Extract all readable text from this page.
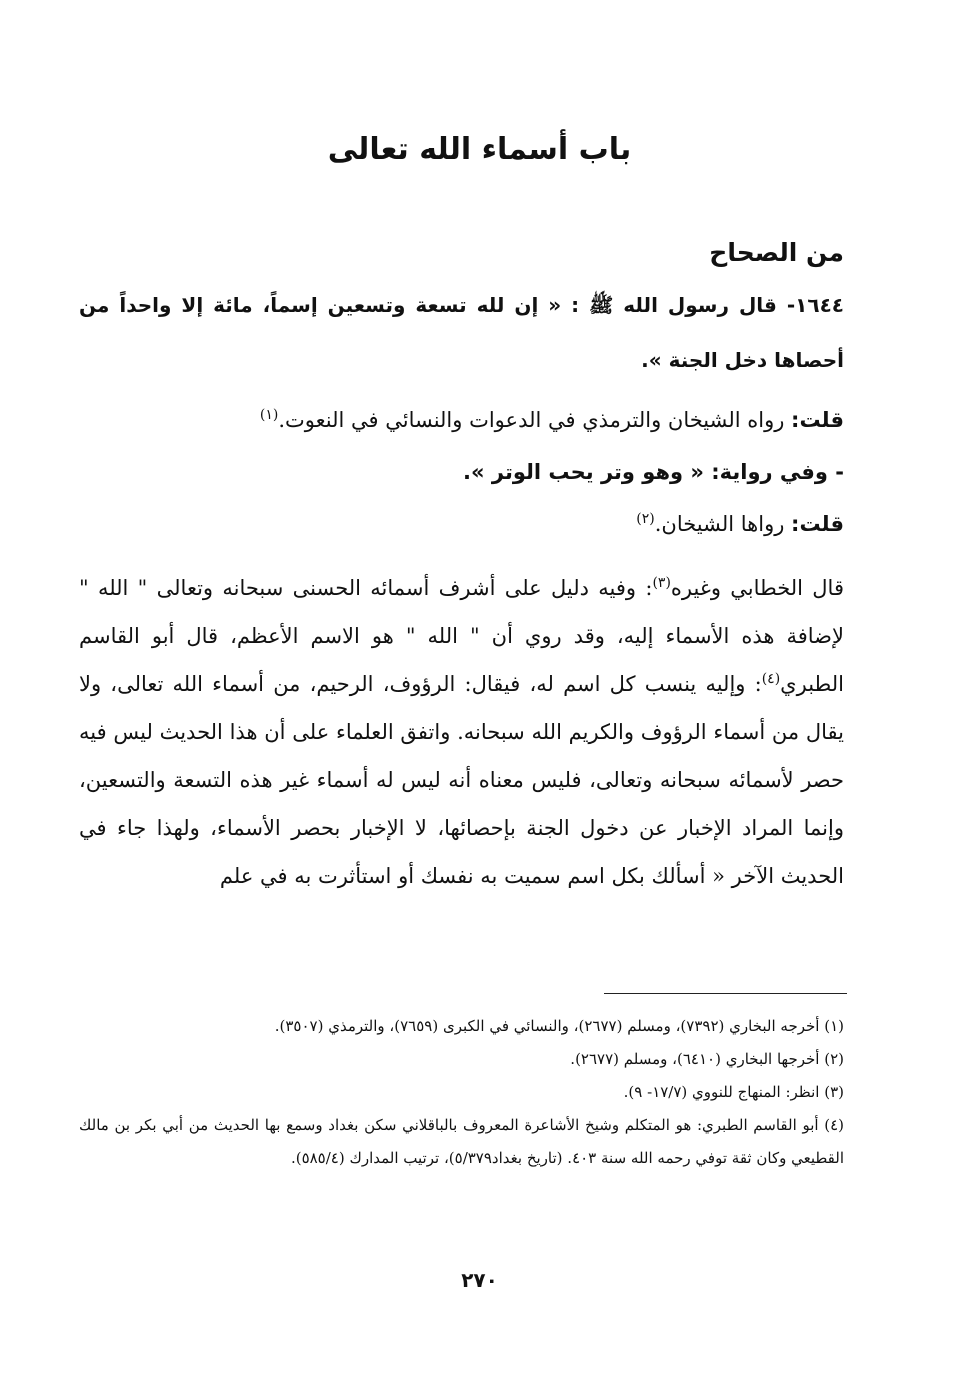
باب أسماء الله تعالى

من الصحاح

١٦٤٤- قال رسول الله ﷺ : « إن لله تسعة وتسعين إسماً، مائة إلا واحداً من أحصاها دخل الجنة ».

قلت: رواه الشيخان والترمذي في الدعوات والنسائي في النعوت.$^{(١)}$

- وفي رواية: « وهو وتر يحب الوتر ».

قلت: رواها الشيخان.$^{(٢)}$

قال الخطابي وغيره$^{(٣)}$: وفيه دليل على أشرف أسمائه الحسنى سبحانه وتعالى " الله " لإضافة هذه الأسماء إليه، وقد روي أن " الله " هو الاسم الأعظم، قال أبو القاسم الطبري$^{(٤)}$: وإليه ينسب كل اسم له، فيقال: الرؤوف، الرحيم، من أسماء الله تعالى، ولا يقال من أسماء الرؤوف والكريم الله سبحانه. واتفق العلماء على أن هذا الحديث ليس فيه حصر لأسمائه سبحانه وتعالى، فليس معناه أنه ليس له أسماء غير هذه التسعة والتسعين، وإنما المراد الإخبار عن دخول الجنة بإحصائها، لا الإخبار بحصر الأسماء، ولهذا جاء في الحديث الآخر « أسألك بكل اسم سميت به نفسك أو استأثرت به في علم

(١) أخرجه البخاري (٧٣٩٢)، ومسلم (٢٦٧٧)، والنسائي في الكبرى (٧٦٥٩)، والترمذي (٣٥٠٧).

(٢) أخرجها البخاري (٦٤١٠)، ومسلم (٢٦٧٧).

(٣) انظر: المنهاج للنووي (١٧/٧- ٩).

(٤) أبو القاسم الطبري: هو المتكلم وشيخ الأشاعرة المعروف بالباقلاني سكن بغداد وسمع بها الحديث من أبي بكر بن مالك القطيعي وكان ثقة توفي رحمه الله سنة ٤٠٣. (تاريخ بغداد٥/٣٧٩)، ترتيب المدارك (٥٨٥/٤).

٢٧٠
